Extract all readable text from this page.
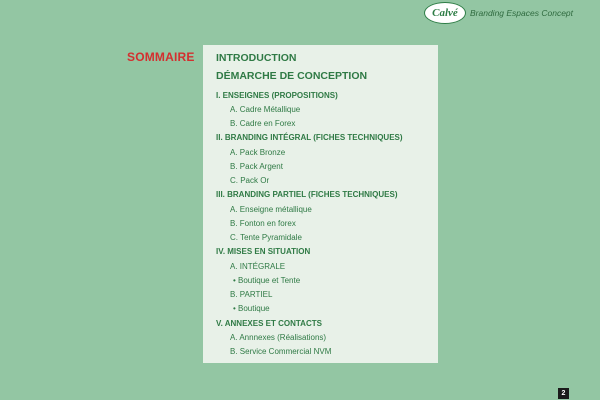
Calvé	Branding Espaces Concept
SOMMAIRE INTRODUCTION
DÉMARCHE DE CONCEPTION
I. ENSEIGNES (PROPOSITIONS)
A. Cadre Métallique
B. Cadre en Forex
II. BRANDING INTÉGRAL (FICHES TECHNIQUES)
A. Pack Bronze
B. Pack Argent
C. Pack Or
III. BRANDING PARTIEL (FICHES TECHNIQUES)
A. Enseigne métallique
B. Fonton en forex
C. Tente Pyramidale
IV. MISES EN SITUATION
A. INTÉGRALE
• Boutique et Tente
B. PARTIEL
• Boutique
V. ANNEXES ET CONTACTS
A. Annnexes (Réalisations)
B. Service Commercial NVM
2
